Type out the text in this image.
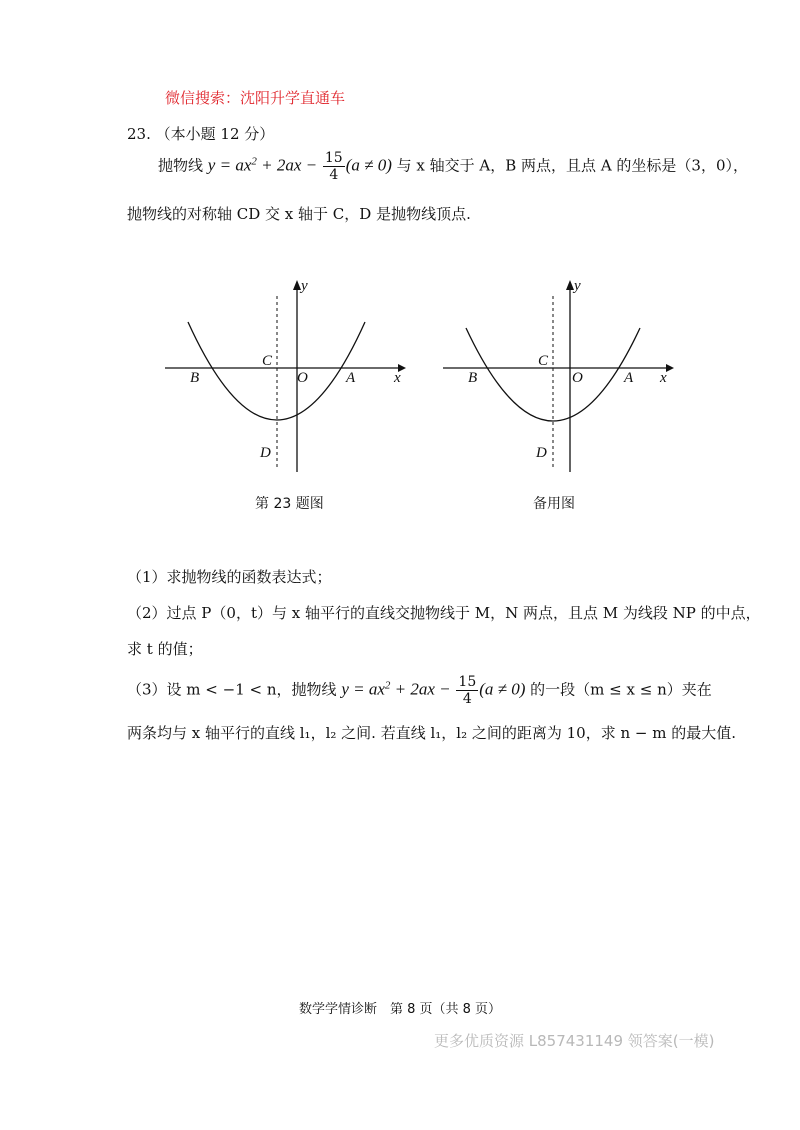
微信搜索：沈阳升学直通车
23. （本小题 12 分）
抛物线 $y = ax^2 + 2ax - \frac{15}{4} (a \ne 0)$ 与 x 轴交于 A，B 两点，且点 A 的坐标是（3，0），
抛物线的对称轴 CD 交 x 轴于 C，D 是抛物线顶点.
y
x
O	A
B
C
D
y
x
O	A
B
C
D
第 23 题图	备用图
（1）求抛物线的函数表达式；
（2）过点 P（0，t）与 x 轴平行的直线交抛物线于 M，N 两点，且点 M 为线段 NP 的中点，
求 t 的值；
（3）设 m < −1 < n，抛物线 $y = ax^2 + 2ax - \frac{15}{4} (a \ne 0)$ 的一段（m ≤ x ≤ n）夹在
两条均与 x 轴平行的直线 l₁，l₂ 之间. 若直线 l₁，l₂ 之间的距离为 10，求 n − m 的最大值.
数学学情诊断　第 8 页（共 8 页）
更多优质资源 L857431149 领答案(一模)
